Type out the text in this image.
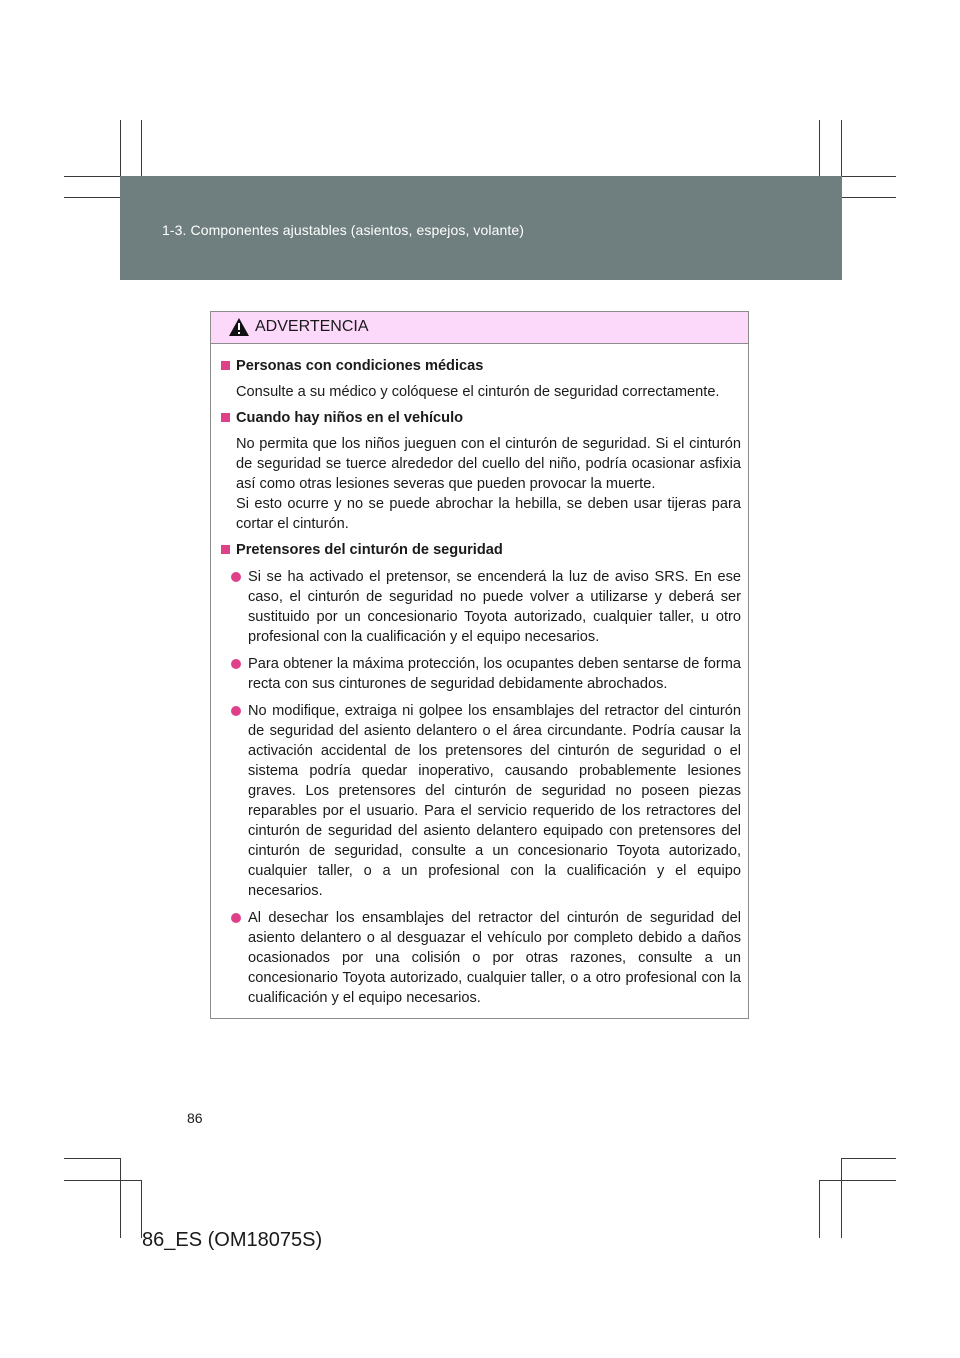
1-3. Componentes ajustables (asientos, espejos, volante)
ADVERTENCIA
Personas con condiciones médicas
Consulte a su médico y colóquese el cinturón de seguridad correctamente.
Cuando hay niños en el vehículo
No permita que los niños jueguen con el cinturón de seguridad. Si el cinturón de seguridad se tuerce alrededor del cuello del niño, podría ocasionar asfixia así como otras lesiones severas que pueden provocar la muerte.
Si esto ocurre y no se puede abrochar la hebilla, se deben usar tijeras para cortar el cinturón.
Pretensores del cinturón de seguridad
Si se ha activado el pretensor, se encenderá la luz de aviso SRS. En ese caso, el cinturón de seguridad no puede volver a utilizarse y deberá ser sustituido por un concesionario Toyota autorizado, cualquier taller, u otro profesional con la cualificación y el equipo necesarios.
Para obtener la máxima protección, los ocupantes deben sentarse de forma recta con sus cinturones de seguridad debidamente abrochados.
No modifique, extraiga ni golpee los ensamblajes del retractor del cinturón de seguridad del asiento delantero o el área circundante. Podría causar la activación accidental de los pretensores del cinturón de seguridad o el sistema podría quedar inoperativo, causando probablemente lesiones graves. Los pretensores del cinturón de seguridad no poseen piezas reparables por el usuario. Para el servicio requerido de los retractores del cinturón de seguridad del asiento delantero equipado con pretensores del cinturón de seguridad, consulte a un concesionario Toyota autorizado, cualquier taller, o a un profesional con la cualificación y el equipo necesarios.
Al desechar los ensamblajes del retractor del cinturón de seguridad del asiento delantero o al desguazar el vehículo por completo debido a daños ocasionados por una colisión o por otras razones, consulte a un concesionario Toyota autorizado, cualquier taller, o a otro profesional con la cualificación y el equipo necesarios.
86
86_ES (OM18075S)
